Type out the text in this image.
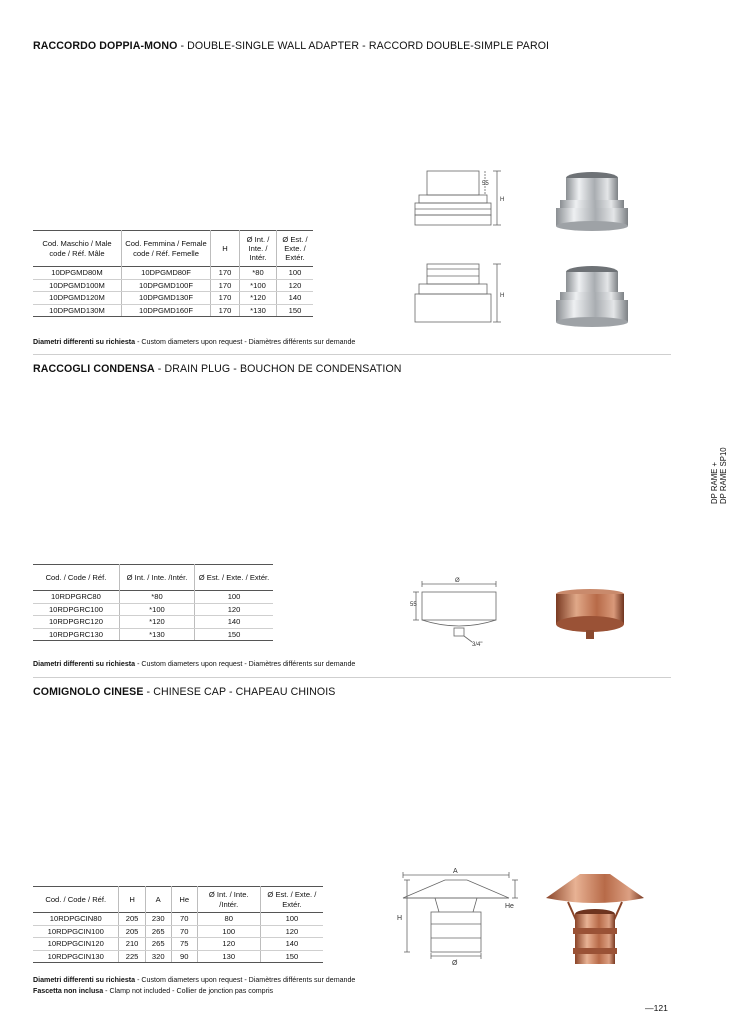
RACCORDO DOPPIA-MONO - DOUBLE-SINGLE WALL ADAPTER - RACCORD DOUBLE-SIMPLE PAROI
Cod. Maschio / Male code / Réf. Mâle	Cod. Femmina / Female code / Réf. Femelle	H	Ø Int. / Inte. / Intér.	Ø Est. / Exte. / Extér.
10DPGMD80M	10DPGMD80F	170	*80	100
10DPGMD100M	10DPGMD100F	170	*100	120
10DPGMD120M	10DPGMD130F	170	*120	140
10DPGMD130M	10DPGMD160F	170	*130	150
55
H
H
Diametri differenti su richiesta - Custom diameters upon request - Diamètres différents sur demande
RACCOGLI CONDENSA - DRAIN PLUG - BOUCHON DE CONDENSATION
Cod. / Code / Réf.	Ø Int. / Inte. /Intér.	Ø Est. / Exte. / Extér.
10RDPGRC80	*80	100
10RDPGRC100	*100	120
10RDPGRC120	*120	140
10RDPGRC130	*130	150
Ø
55
3/4"
Diametri differenti su richiesta - Custom diameters upon request - Diamètres différents sur demande
COMIGNOLO CINESE - CHINESE CAP - CHAPEAU CHINOIS
Cod. / Code / Réf.	H	A	He	Ø Int. / Inte. /Intér.	Ø Est. / Exte. / Extér.
10RDPGCIN80	205	230	70	80	100
10RDPGCIN100	205	265	70	100	120
10RDPGCIN120	210	265	75	120	140
10RDPGCIN130	225	320	90	130	150
A
H
He
Ø
Diametri differenti su richiesta - Custom diameters upon request - Diamètres différents sur demande
Fascetta non inclusa - Clamp not included - Collier de jonction pas compris
DP RAME + DP RAME SP10
—121
